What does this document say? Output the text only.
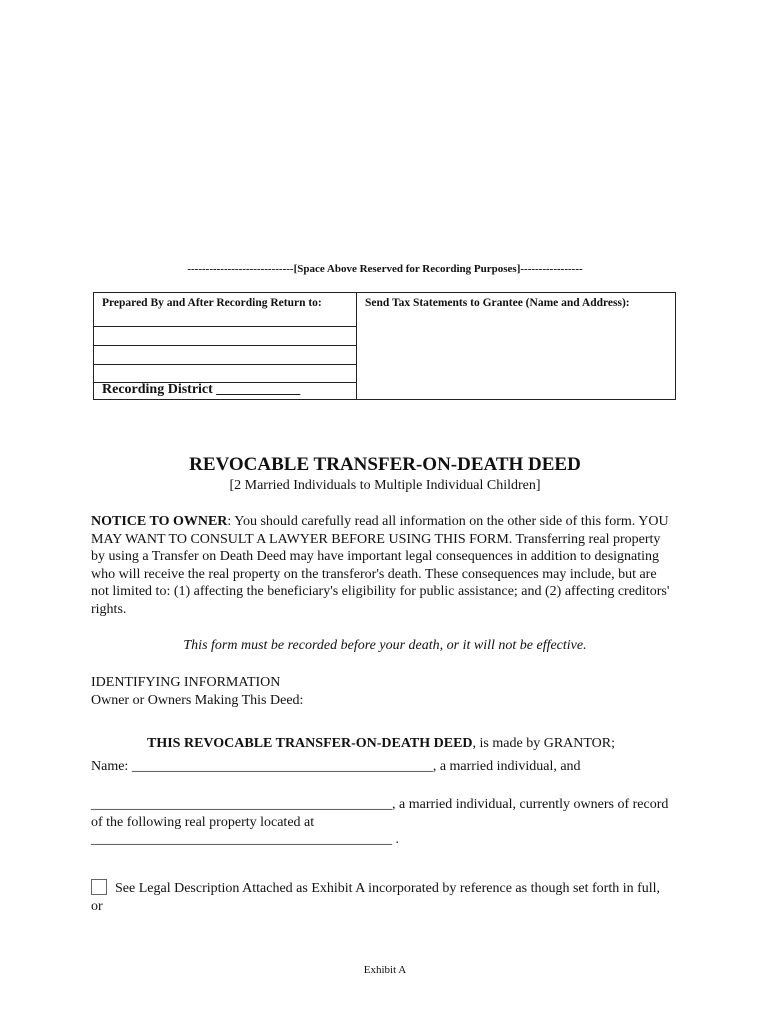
-----------------------------[Space Above Reserved for Recording Purposes]-----------------
Prepared By and After Recording Return to:
Recording District ____________
Send Tax Statements to Grantee (Name and Address):
REVOCABLE TRANSFER-ON-DEATH DEED
[2 Married Individuals to Multiple Individual Children]
NOTICE TO OWNER: You should carefully read all information on the other side of this form. YOU MAY WANT TO CONSULT A LAWYER BEFORE USING THIS FORM. Transferring real property by using a Transfer on Death Deed may have important legal consequences in addition to designating who will receive the real property on the transferor's death. These consequences may include, but are not limited to: (1) affecting the beneficiary's eligibility for public assistance; and (2) affecting creditors' rights.
This form must be recorded before your death, or it will not be effective.
IDENTIFYING INFORMATION
Owner or Owners Making This Deed:
THIS REVOCABLE TRANSFER-ON-DEATH DEED, is made by GRANTOR;
Name: ___________________________________________, a married individual, and
___________________________________________, a married individual, currently owners of record of the following real property located at
___________________________________________ .
See Legal Description Attached as Exhibit A incorporated by reference as though set forth in full, or
Exhibit A
